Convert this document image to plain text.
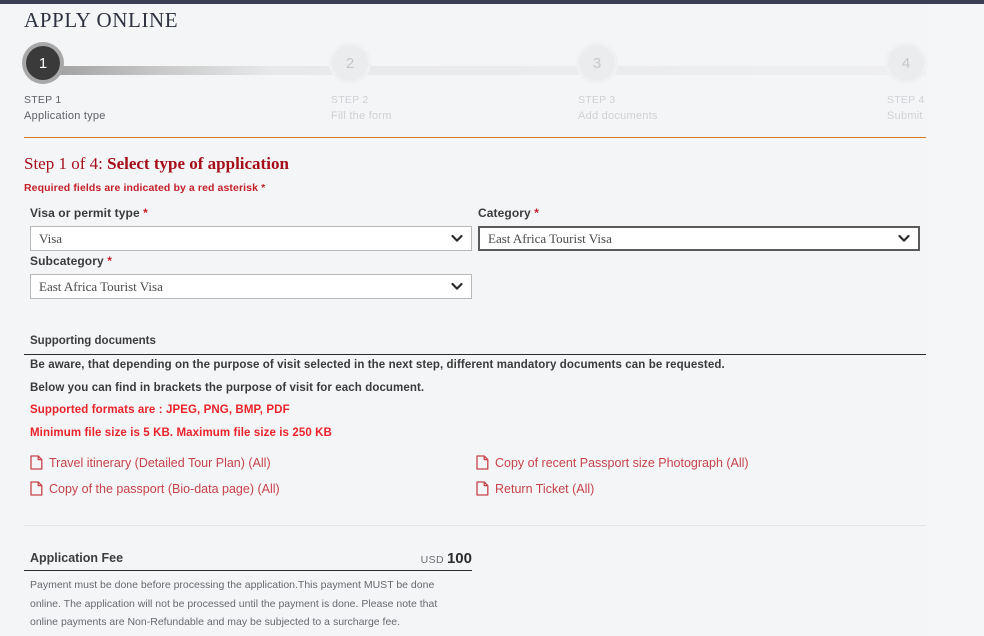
APPLY ONLINE
1
STEP 1
Application type
2
STEP 2
Fill the form
3
STEP 3
Add documents
4
STEP 4
Submit
Step 1 of 4: Select type of application
Required fields are indicated by a red asterisk *
Visa or permit type *
Visa
Category *
East Africa Tourist Visa
Subcategory *
East Africa Tourist Visa
Supporting documents
Be aware, that depending on the purpose of visit selected in the next step, different mandatory documents can be requested.
Below you can find in brackets the purpose of visit for each document.
Supported formats are : JPEG, PNG, BMP, PDF
Minimum file size is 5 KB. Maximum file size is 250 KB
Travel itinerary (Detailed Tour Plan) (All)
Copy of the passport (Bio-data page) (All)
Copy of recent Passport size Photograph (All)
Return Ticket (All)
Application Fee	USD 100
Payment must be done before processing the application.This payment MUST be done online. The application will not be processed until the payment is done. Please note that online payments are Non-Refundable and may be subjected to a surcharge fee.
